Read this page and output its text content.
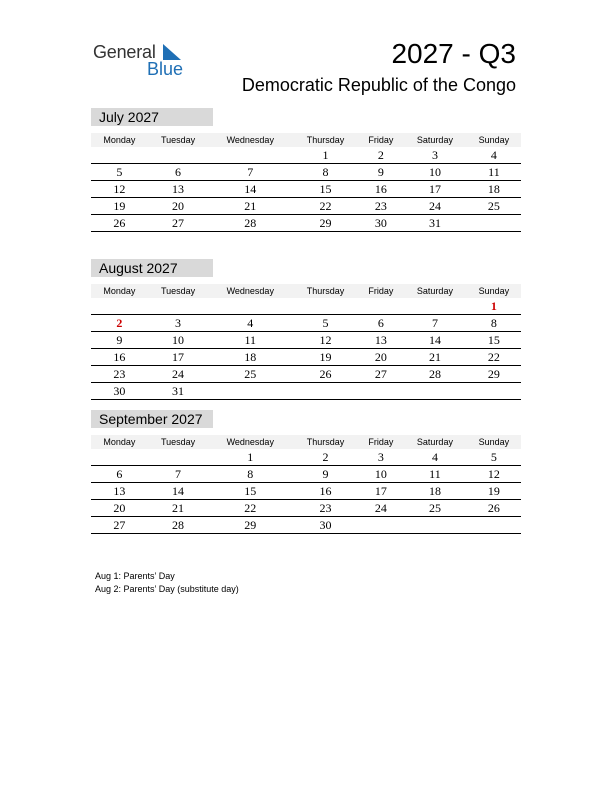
General
Blue	2027 - Q3
Democratic Republic of the Congo
July 2027
Monday	Tuesday	Wednesday	Thursday	Friday	Saturday	Sunday
			1	2	3	4
5	6	7	8	9	10	11
12	13	14	15	16	17	18
19	20	21	22	23	24	25
26	27	28	29	30	31	
August 2027
Monday	Tuesday	Wednesday	Thursday	Friday	Saturday	Sunday
						1
2	3	4	5	6	7	8
9	10	11	12	13	14	15
16	17	18	19	20	21	22
23	24	25	26	27	28	29
30	31					
September 2027
Monday	Tuesday	Wednesday	Thursday	Friday	Saturday	Sunday
		1	2	3	4	5
6	7	8	9	10	11	12
13	14	15	16	17	18	19
20	21	22	23	24	25	26
27	28	29	30			
Aug 1: Parents’ Day
Aug 2: Parents’ Day (substitute day)
